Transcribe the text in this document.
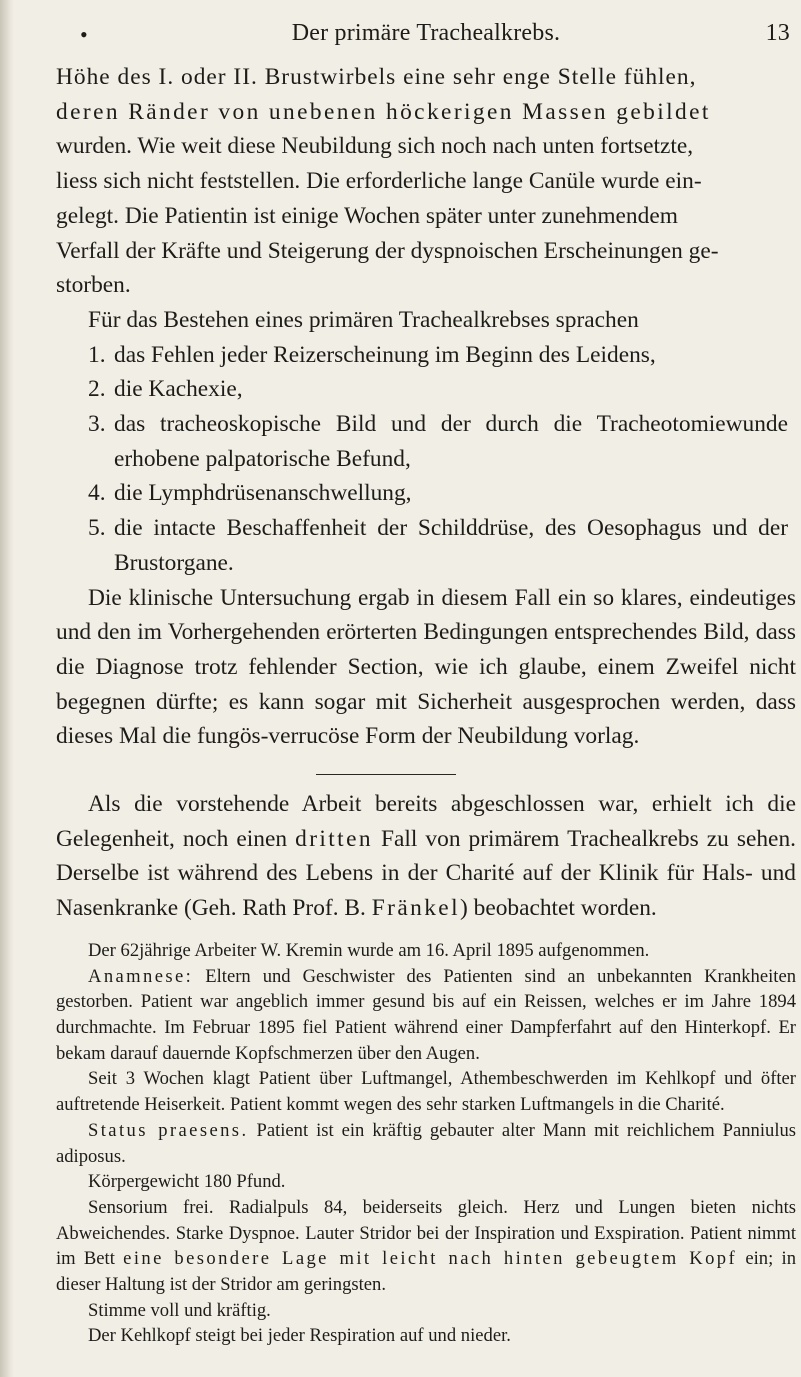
•	Der primäre Trachealkrebs.	13

Höhe des I. oder II. Brustwirbels eine sehr enge Stelle fühlen,
deren Ränder von unebenen höckerigen Massen gebildet
wurden. Wie weit diese Neubildung sich noch nach unten fortsetzte,
liess sich nicht feststellen. Die erforderliche lange Canüle wurde ein-
gelegt. Die Patientin ist einige Wochen später unter zunehmendem
Verfall der Kräfte und Steigerung der dyspnoischen Erscheinungen ge-
storben.

Für das Bestehen eines primären Trachealkrebses sprachen

1. das Fehlen jeder Reizerscheinung im Beginn des Leidens,
2. die Kachexie,
3. das tracheoskopische Bild und der durch die Tracheotomiewunde erhobene palpatorische Befund,
4. die Lymphdrüsenanschwellung,
5. die intacte Beschaffenheit der Schilddrüse, des Oesophagus und der Brustorgane.

Die klinische Untersuchung ergab in diesem Fall ein so klares, eindeutiges und den im Vorhergehenden erörterten Bedingungen entsprechendes Bild, dass die Diagnose trotz fehlender Section, wie ich glaube, einem Zweifel nicht begegnen dürfte; es kann sogar mit Sicherheit ausgesprochen werden, dass dieses Mal die fungös-verrucöse Form der Neubildung vorlag.

Als die vorstehende Arbeit bereits abgeschlossen war, erhielt ich die Gelegenheit, noch einen dritten Fall von primärem Trachealkrebs zu sehen. Derselbe ist während des Lebens in der Charité auf der Klinik für Hals- und Nasenkranke (Geh. Rath Prof. B. Fränkel) beobachtet worden.

Der 62jährige Arbeiter W. Kremin wurde am 16. April 1895 aufgenommen.

Anamnese: Eltern und Geschwister des Patienten sind an unbekannten Krankheiten gestorben. Patient war angeblich immer gesund bis auf ein Reissen, welches er im Jahre 1894 durchmachte. Im Februar 1895 fiel Patient während einer Dampferfahrt auf den Hinterkopf. Er bekam darauf dauernde Kopfschmerzen über den Augen.

Seit 3 Wochen klagt Patient über Luftmangel, Athembeschwerden im Kehlkopf und öfter auftretende Heiserkeit. Patient kommt wegen des sehr starken Luftmangels in die Charité.

Status praesens. Patient ist ein kräftig gebauter alter Mann mit reichlichem Panniulus adiposus.

Körpergewicht 180 Pfund.

Sensorium frei. Radialpuls 84, beiderseits gleich. Herz und Lungen bieten nichts Abweichendes. Starke Dyspnoe. Lauter Stridor bei der Inspiration und Exspiration. Patient nimmt im Bett eine besondere Lage mit leicht nach hinten gebeugtem Kopf ein; in dieser Haltung ist der Stridor am geringsten.

Stimme voll und kräftig.

Der Kehlkopf steigt bei jeder Respiration auf und nieder.
